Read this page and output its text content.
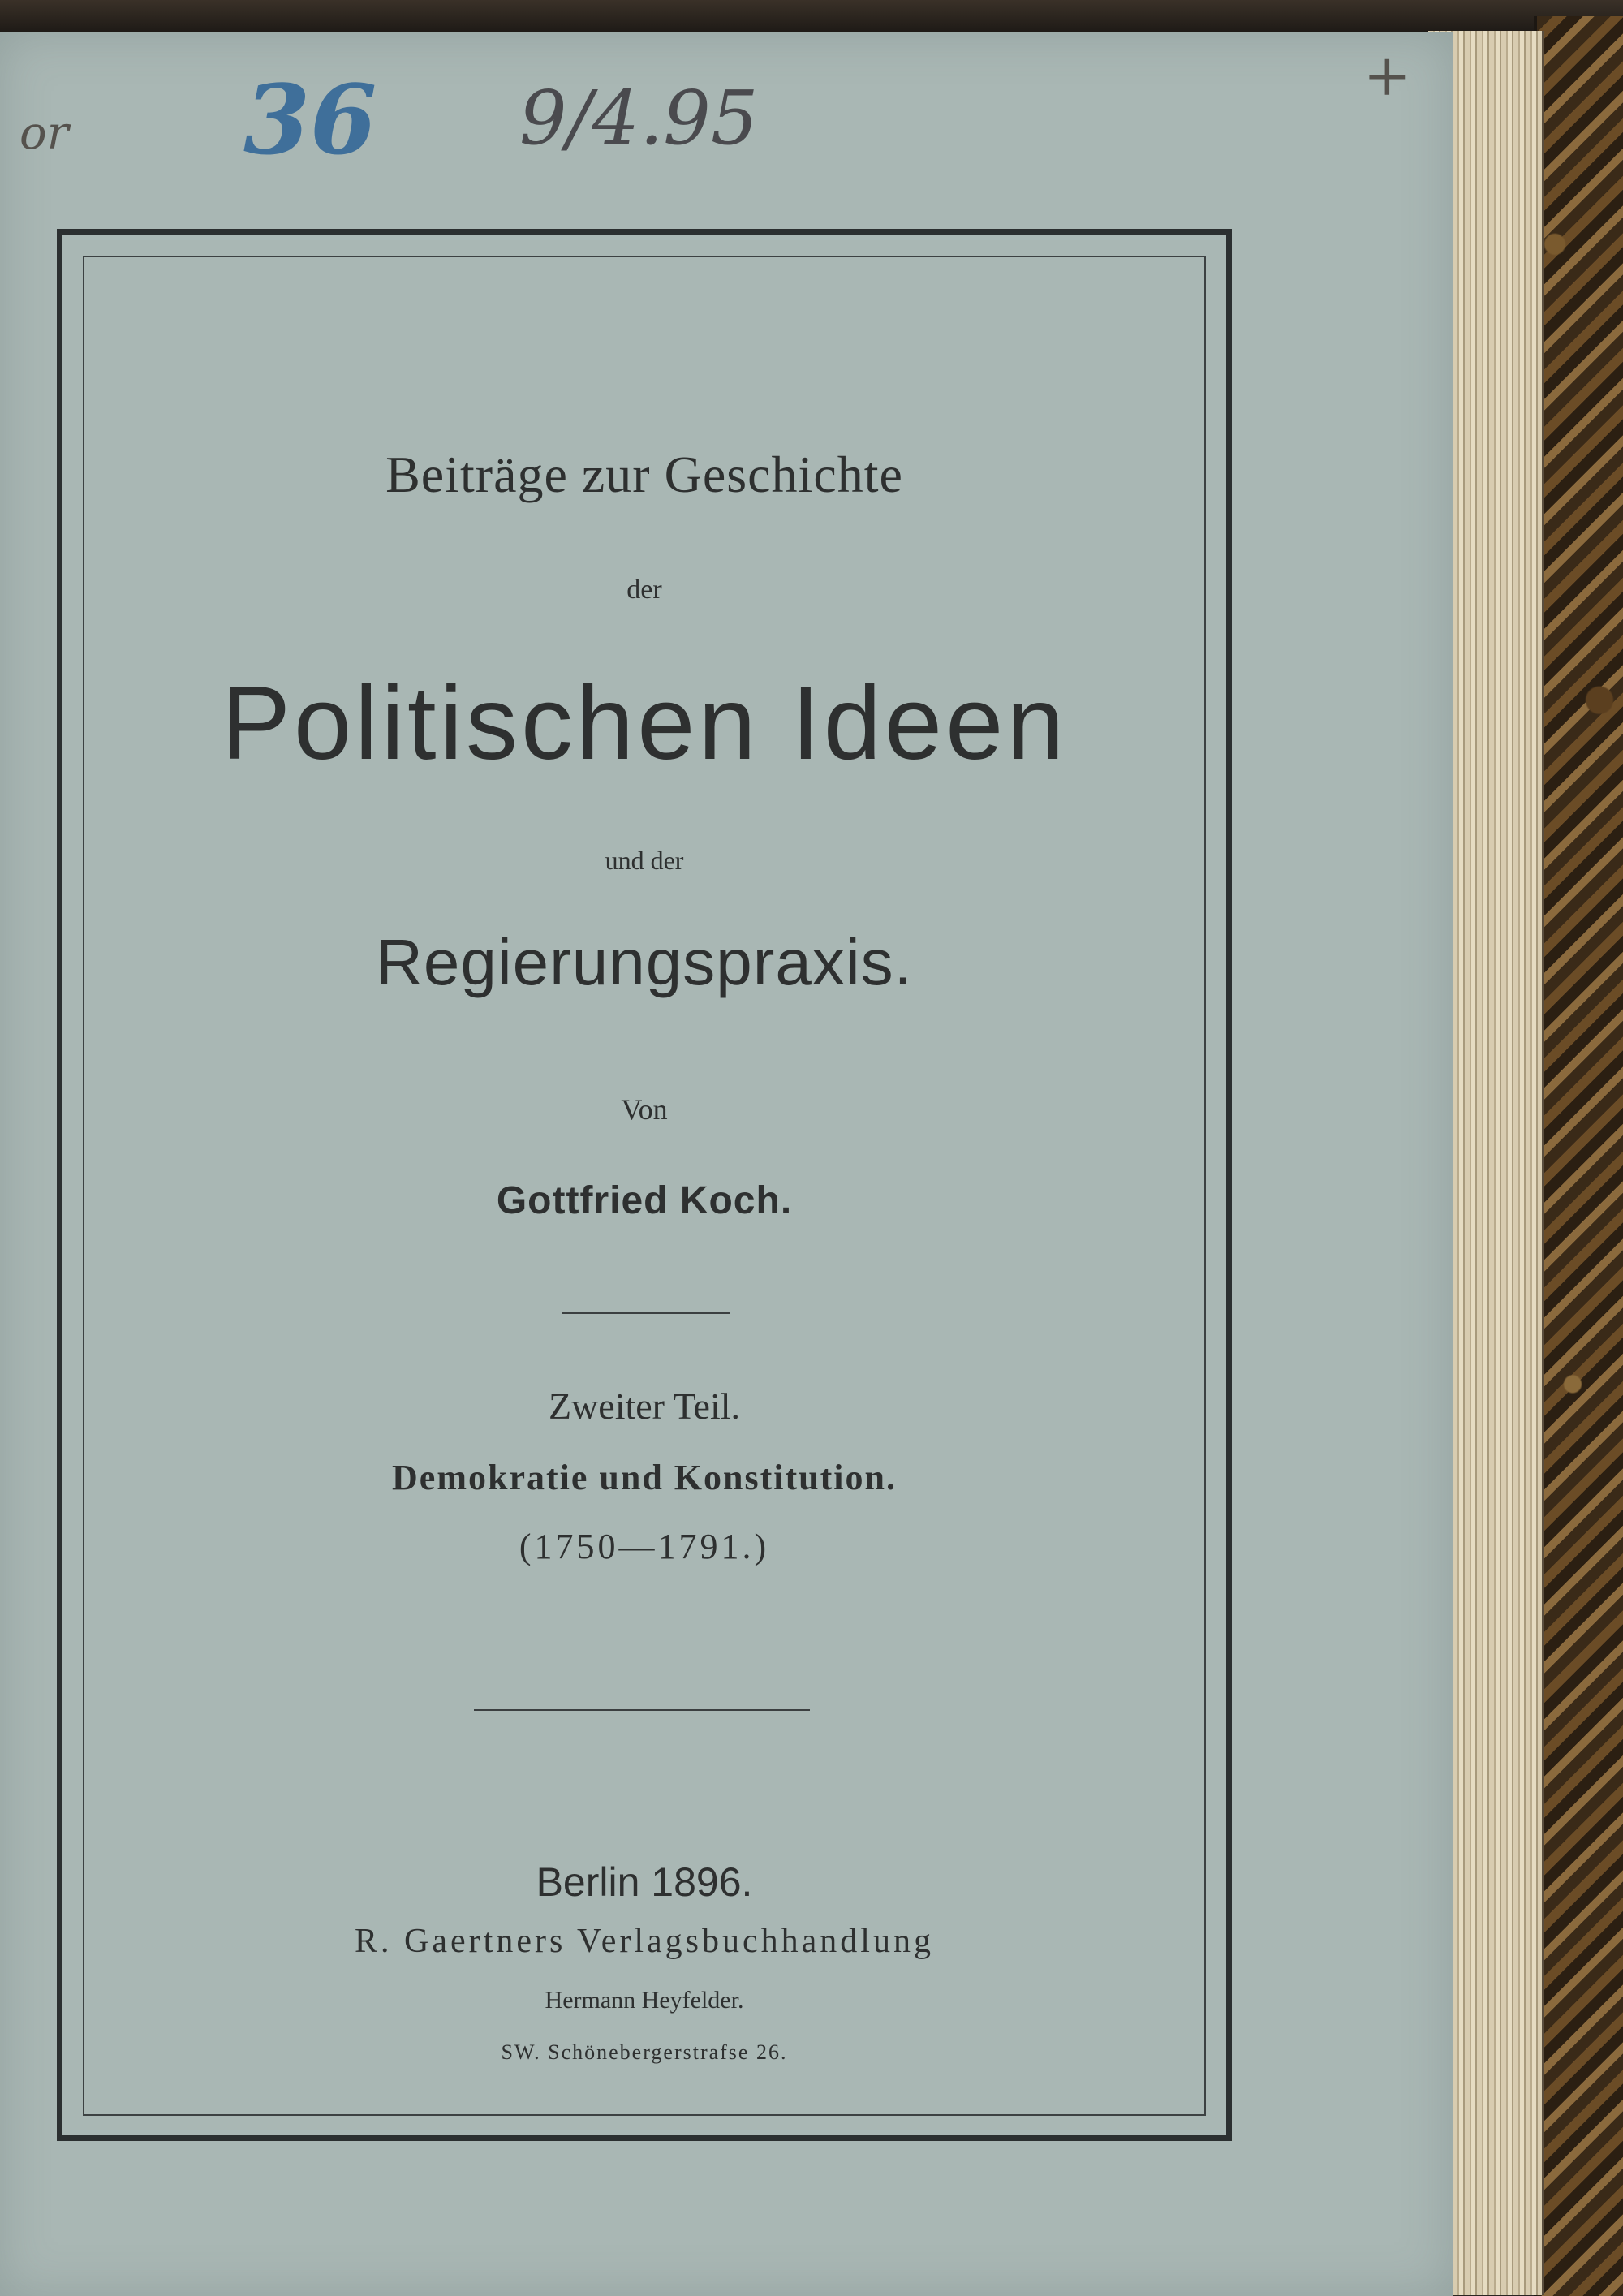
or 36 9/4.95	+
Beiträge zur Geschichte
der
Politischen Ideen
und der
Regierungspraxis.
Von
Gottfried Koch.
Zweiter Teil.
Demokratie und Konstitution.
(1750—1791.)
Berlin 1896.
R. Gaertners Verlagsbuchhandlung
Hermann Heyfelder.
SW. Schönebergerstrafse 26.
